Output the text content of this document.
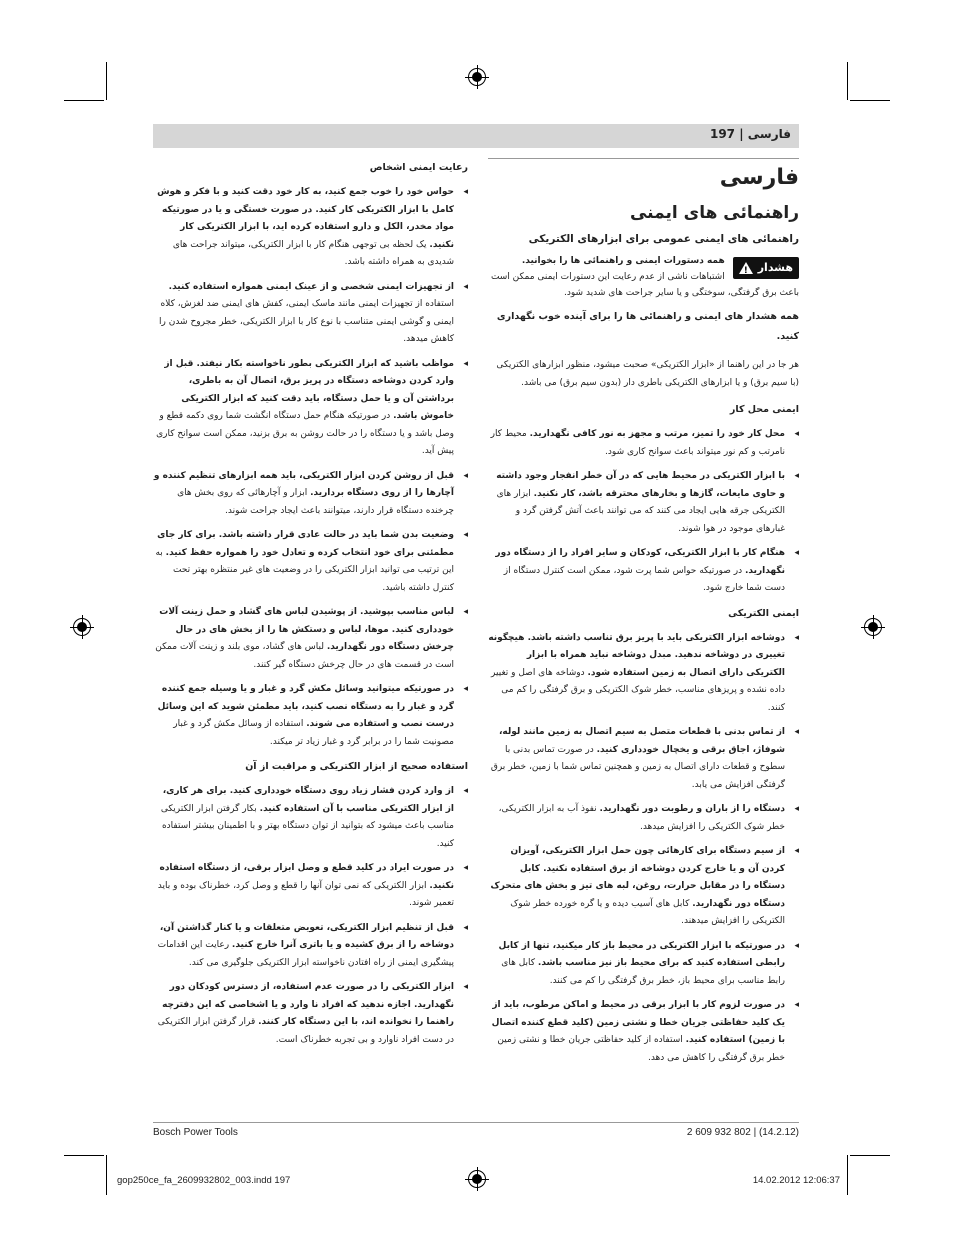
فارسی | 197
فارسی
راهنمائی های ایمنی
راهنمائی های ایمنی عمومی برای ابزارهای الکتریکی
هشدار
!
همه دستورات ایمنی و راهنمائی ها را بخوانید. اشتباهات ناشی از عدم رعایت این دستورات ایمنی ممکن است باعث برق گرفتگی، سوختگی و یا سایر جراحت های شدید شود.
همه هشدار های ایمنی و راهنمائی ها را برای آینده خوب نگهداری کنید.
هر جا در این راهنما از «ابزار الکتریکی» صحبت میشود، منظور ابزارهای الکتریکی (با سیم برق) و یا ابزارهای الکتریکی باطری دار (بدون سیم برق) می باشد.
ایمنی محل کار
◂ محل کار خود را تمیز، مرتب و مجهز به نور کافی نگهدارید. محیط کار نامرتب و کم نور میتواند باعث سوانح کاری شود.
◂ با ابزار الکتریکی در محیط هایی که در آن خطر انفجار وجود داشته و حاوی مایعات، گازها و بخارهای محترقه باشد، کار نکنید. ابزار های الکتریکی جرقه هایی ایجاد می کنند که می توانند باعث آتش گرفتن گرد و غبارهای موجود در هوا شوند.
◂ هنگام کار با ابزار الکتریکی، کودکان و سایر افراد را از دستگاه دور نگهدارید. در صورتیکه حواس شما پرت شود، ممکن است کنترل دستگاه از دست شما خارج شود.
ایمنی الکتریکی
◂ دوشاخه ابزار الکتریکی باید با پریز برق تناسب داشته باشد. هیچگونه تغییری در دوشاخه ندهید. مبدل دوشاخه نباید همراه با ابزار الکتریکی دارای اتصال به زمین استفاده شود. دوشاخه های اصل و تغییر داده نشده و پریزهای مناسب، خطر شوک الکتریکی و برق گرفتگی را کم می کنند.
◂ از تماس بدنی با قطعات متصل به سیم اتصال به زمین مانند لوله، شوفاژ، اجاق برقی و یخچال خودداری کنید. در صورت تماس بدنی با سطوح و قطعات دارای اتصال به زمین و همچنین تماس شما با زمین، خطر برق گرفتگی افزایش می یابد.
◂ دستگاه را از باران و رطوبت دور نگهدارید. نفوذ آب به ابزار الکتریکی، خطر شوک الکتریکی را افزایش میدهد.
◂ از سیم دستگاه برای کارهائی چون حمل ابزار الکتریکی، آویزان کردن آن و یا خارج کردن دوشاخه از برق استفاده نکنید. کابل دستگاه را در مقابل حرارت، روغن، لبه های تیز و بخش های متحرک دستگاه دور نگهدارید. کابل های آسیب دیده و یا گره خورده خطر شوک الکتریکی را افزایش میدهند.
◂ در صورتیکه با ابزار الکتریکی در محیط باز کار میکنید، تنها از کابل رابطی استفاده کنید که برای محیط باز نیز مناسب باشد. کابل های رابط مناسب برای محیط باز، خطر برق گرفتگی را کم می کنند.
◂ در صورت لزوم کار با ابزار برقی در محیط و اماکن مرطوب، باید از یک کلید حفاظتی جریان خطا و نشتی زمین (کلید قطع کننده اتصال با زمین) استفاده کنید. استفاده از کلید حفاظتی جریان خطا و نشتی زمین خطر برق گرفتگی را کاهش می دهد.
رعایت ایمنی اشخاص
◂ حواس خود را خوب جمع کنید، به کار خود دقت کنید و با فکر و هوش کامل با ابزار الکتریکی کار کنید. در صورت خستگی و یا در صورتیکه مواد مخدر، الکل و دارو استفاده کرده اید، با ابزار الکتریکی کار نکنید. یک لحظه بی توجهی هنگام کار با ابزار الکتریکی، میتواند جراحت های شدیدی به همراه داشته باشد.
◂ از تجهیزات ایمنی شخصی و از عینک ایمنی همواره استفاده کنید. استفاده از تجهیزات ایمنی مانند ماسک ایمنی، کفش های ایمنی ضد لغزش، کلاه ایمنی و گوشی ایمنی متناسب با نوع کار با ابزار الکتریکی، خطر مجروح شدن را کاهش میدهد.
◂ مواظب باشید که ابزار الکتریکی بطور ناخواسته بکار نیفتد. قبل از وارد کردن دوشاخه دستگاه در پریز برق، اتصال آن به باطری، برداشتن آن و یا حمل دستگاه، باید دقت کنید که ابزار الکتریکی خاموش باشد. در صورتیکه هنگام حمل دستگاه انگشت شما روی دکمه قطع و وصل باشد و یا دستگاه را در حالت روشن به برق بزنید، ممکن است سوانح کاری پیش آید.
◂ قبل از روشن کردن ابزار الکتریکی، باید همه ابزارهای تنظیم کننده و آچارها را از روی دستگاه بردارید. ابزار و آچارهائی که روی بخش های چرخنده دستگاه قرار دارند، میتوانند باعث ایجاد جراحت شوند.
◂ وضعیت بدن شما باید در حالت عادی قرار داشته باشد. برای کار جای مطمئنی برای خود انتخاب کرده و تعادل خود را همواره حفظ کنید. به این ترتیب می توانید ابزار الکتریکی را در وضعیت های غیر منتظره بهتر تحت کنترل داشته باشید.
◂ لباس مناسب بپوشید. از پوشیدن لباس های گشاد و حمل زینت آلات خودداری کنید. موها، لباس و دستکش ها را از بخش های در حال چرخش دستگاه دور نگهدارید. لباس های گشاد، موی بلند و زینت آلات ممکن است در قسمت های در حال چرخش دستگاه گیر کنند.
◂ در صورتیکه میتوانید وسائل مکش گرد و غبار و یا وسیله جمع کننده گرد و غبار را به دستگاه نصب کنید، باید مطمئن شوید که این وسائل درست نصب و استفاده می شوند. استفاده از وسائل مکش گرد و غبار مصونیت شما را در برابر گرد و غبار زیاد تر میکند.
استفاده صحیح از ابزار الکتریکی و مراقبت از آن
◂ از وارد کردن فشار زیاد روی دستگاه خودداری کنید. برای هر کاری، از ابزار الکتریکی مناسب با آن استفاده کنید. بکار گرفتن ابزار الکتریکی مناسب باعث میشود که بتوانید از توان دستگاه بهتر و با اطمینان بیشتر استفاده کنید.
◂ در صورت ایراد در کلید قطع و وصل ابزار برقی، از دستگاه استفاده نکنید. ابزار الکتریکی که نمی توان آنها را قطع و وصل کرد، خطرناک بوده و باید تعمیر شوند.
◂ قبل از تنظیم ابزار الکتریکی، تعویض متعلقات و یا کنار گذاشتن آن، دوشاخه را از برق کشیده و یا باتری آنرا خارج کنید. رعایت این اقدامات پیشگیری ایمنی از راه افتادن ناخواسته ابزار الکتریکی جلوگیری می کند.
◂ ابزار الکتریکی را در صورت عدم استفاده، از دسترس کودکان دور نگهدارید. اجازه ندهید که افراد نا وارد و یا اشخاصی که این دفترچه راهنما را نخوانده اند، با این دستگاه کار کنند. قرار گرفتن ابزار الکتریکی در دست افراد ناوارد و بی تجربه خطرناک است.
Bosch Power Tools	2 609 932 802 | (14.2.12)
gop250ce_fa_2609932802_003.indd 197	14.02.2012 12:06:37
